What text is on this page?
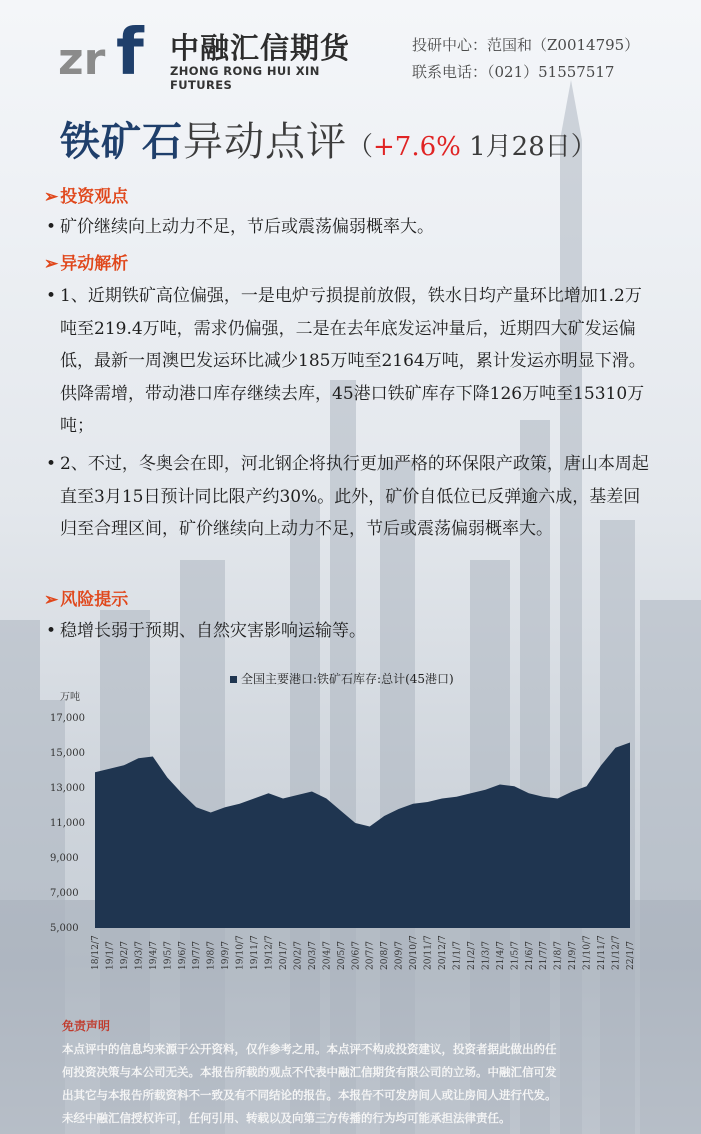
zr f 中融汇信期货
ZHONG RONG HUI XIN FUTURES
投研中心：范国和（Z0014795）
联系电话：（021）51557517
铁矿石异动点评（+7.6% 1月28日）
➢ 投资观点
• 矿价继续向上动力不足，节后或震荡偏弱概率大。
➢ 异动解析
• 1、近期铁矿高位偏强，一是电炉亏损提前放假，铁水日均产量环比增加1.2万吨至219.4万吨，需求仍偏强，二是在去年底发运冲量后，近期四大矿发运偏低，最新一周澳巴发运环比减少185万吨至2164万吨，累计发运亦明显下滑。供降需增，带动港口库存继续去库，45港口铁矿库存下降126万吨至15310万吨；
• 2、不过，冬奥会在即，河北钢企将执行更加严格的环保限产政策，唐山本周起直至3月15日预计同比限产约30%。此外，矿价自低位已反弹逾六成，基差回归至合理区间，矿价继续向上动力不足，节后或震荡偏弱概率大。
➢ 风险提示
• 稳增长弱于预期、自然灾害影响运输等。
全国主要港口:铁矿石库存:总计(45港口)
万吨
17,000
15,000
13,000
11,000
9,000
7,000
5,000
18/12/7 19/1/7 19/2/7 19/3/7 19/4/7 19/5/7 19/6/7 19/7/7 19/8/7 19/9/7 19/10/7 19/11/7 19/12/7 20/1/7 20/2/7 20/3/7 20/4/7 20/5/7 20/6/7 20/7/7 20/8/7 20/9/7 20/10/7 20/11/7 20/12/7 21/1/7 21/2/7 21/3/7 21/4/7 21/5/7 21/6/7 21/7/7 21/8/7 21/9/7 21/10/7 21/11/7 21/12/7 22/1/7
免责声明
本点评中的信息均来源于公开资料，仅作参考之用。本点评不构成投资建议，投资者据此做出的任
何投资决策与本公司无关。本报告所载的观点不代表中融汇信期货有限公司的立场。中融汇信可发
出其它与本报告所载资料不一致及有不同结论的报告。本报告不可发房间人或让房间人进行代发。
未经中融汇信授权许可，任何引用、转载以及向第三方传播的行为均可能承担法律责任。
